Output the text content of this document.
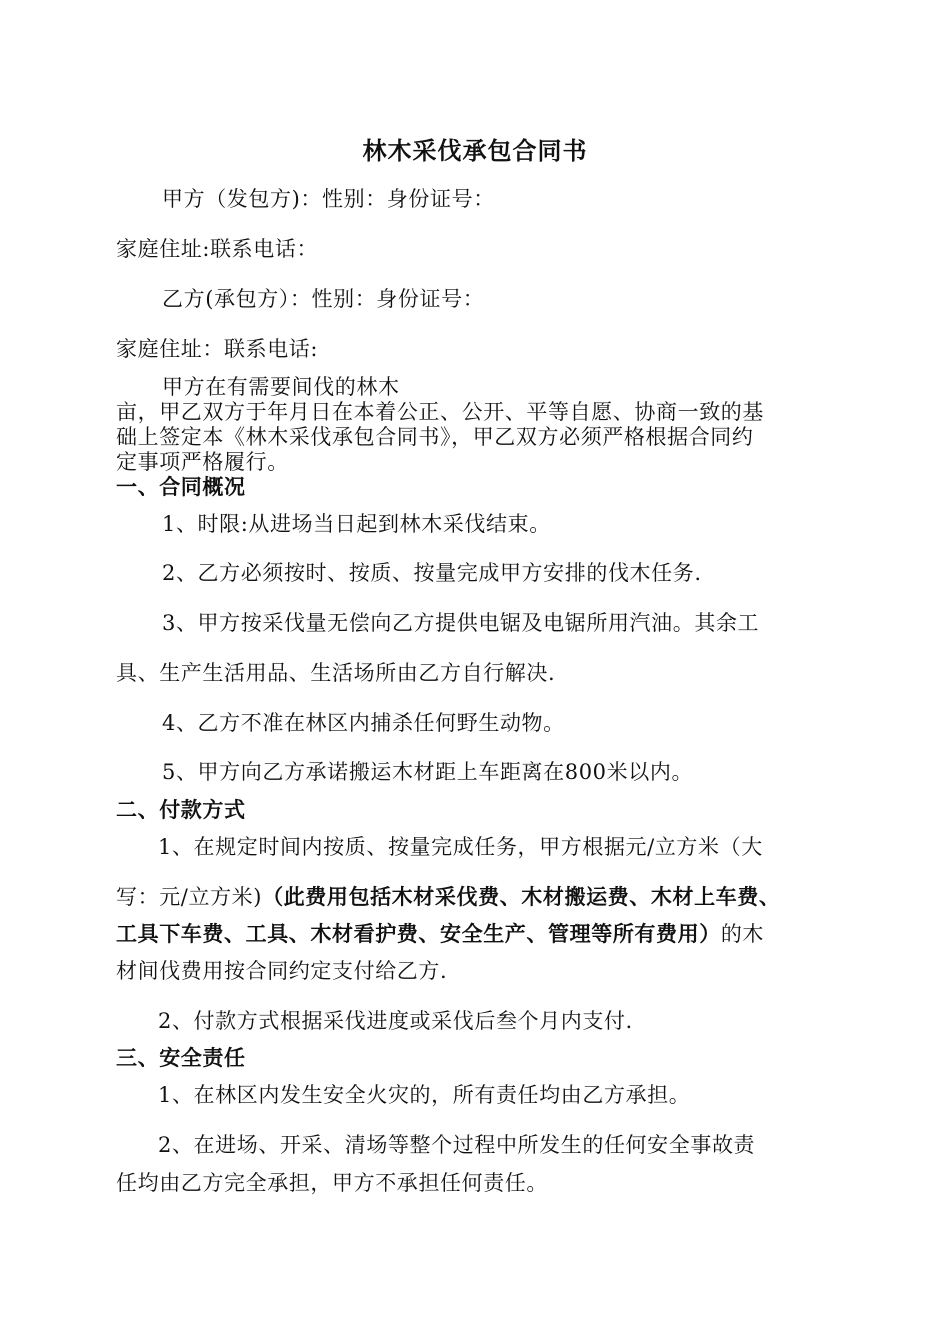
林木采伐承包合同书
甲方（发包方)：性别：身份证号：
家庭住址:联系电话：
乙方(承包方）：性别：身份证号：
家庭住址：联系电话:
甲方在有需要间伐的林木
亩，甲乙双方于年月日在本着公正、公开、平等自愿、协商一致的基
础上签定本《林木采伐承包合同书》，甲乙双方必须严格根据合同约
定事项严格履行。
一、合同概况
1、时限:从进场当日起到林木采伐结束。
2、乙方必须按时、按质、按量完成甲方安排的伐木任务.
3、甲方按采伐量无偿向乙方提供电锯及电锯所用汽油。其余工
具、生产生活用品、生活场所由乙方自行解决.
4、乙方不准在林区内捕杀任何野生动物。
5、甲方向乙方承诺搬运木材距上车距离在800米以内。
二、付款方式
1、在规定时间内按质、按量完成任务，甲方根据元/立方米（大
写：元/立方米)（此费用包括木材采伐费、木材搬运费、木材上车费、
工具下车费、工具、木材看护费、安全生产、管理等所有费用）的木
材间伐费用按合同约定支付给乙方.
2、付款方式根据采伐进度或采伐后叁个月内支付.
三、安全责任
1、在林区内发生安全火灾的，所有责任均由乙方承担。
2、在进场、开采、清场等整个过程中所发生的任何安全事故责
任均由乙方完全承担，甲方不承担任何责任。
